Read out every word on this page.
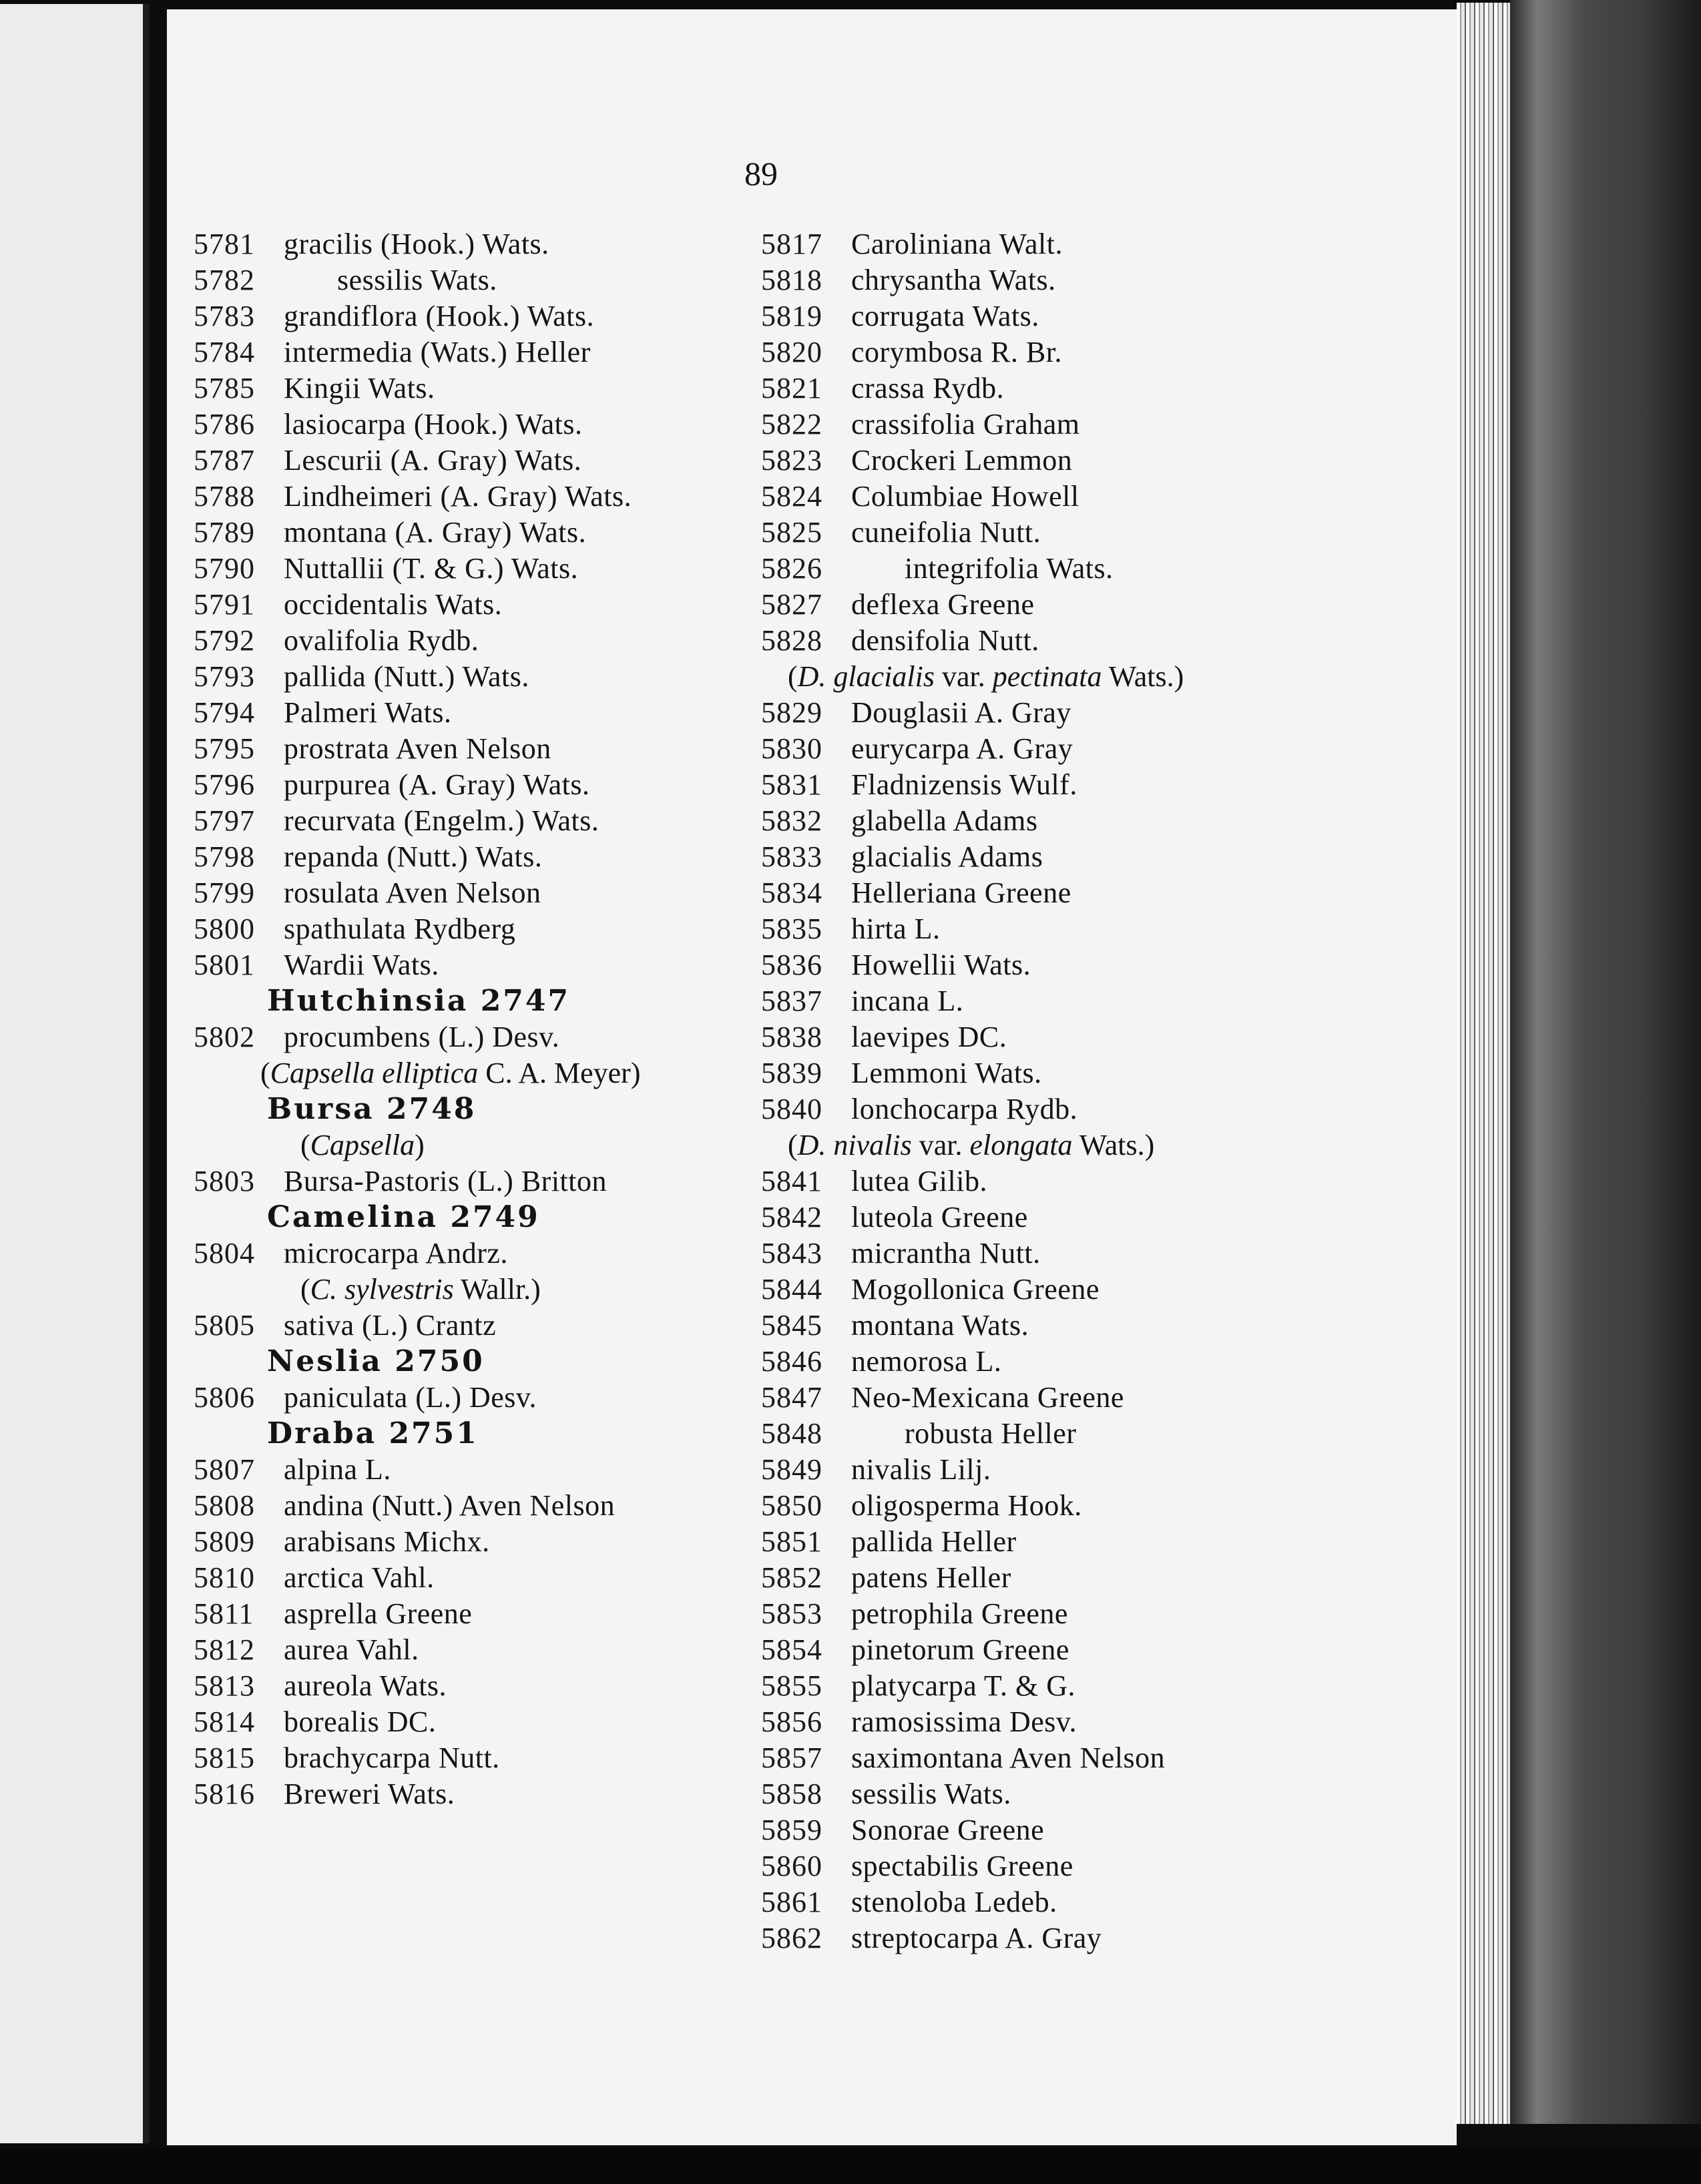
89
5781 gracilis (Hook.) Wats.
5782	sessilis Wats.
5783 grandiflora (Hook.) Wats.
5784 intermedia (Wats.) Heller
5785 Kingii Wats.
5786 lasiocarpa (Hook.) Wats.
5787 Lescurii (A. Gray) Wats.
5788 Lindheimeri (A. Gray) Wats.
5789 montana (A. Gray) Wats.
5790 Nuttallii (T. & G.) Wats.
5791 occidentalis Wats.
5792 ovalifolia Rydb.
5793 pallida (Nutt.) Wats.
5794 Palmeri Wats.
5795 prostrata Aven Nelson
5796 purpurea (A. Gray) Wats.
5797 recurvata (Engelm.) Wats.
5798 repanda (Nutt.) Wats.
5799 rosulata Aven Nelson
5800 spathulata Rydberg
5801 Wardii Wats.
Hutchinsia 2747
5802 procumbens (L.) Desv.
(Capsella elliptica C. A. Meyer)
Bursa 2748
(Capsella)
5803 Bursa-Pastoris (L.) Britton
Camelina 2749
5804 microcarpa Andrz.
(C. sylvestris Wallr.)
5805 sativa (L.) Crantz
Neslia 2750
5806 paniculata (L.) Desv.
Draba 2751
5807 alpina L.
5808 andina (Nutt.) Aven Nelson
5809 arabisans Michx.
5810 arctica Vahl.
5811	asprella Greene
5812 aurea Vahl.
5813 aureola Wats.
5814 borealis DC.
5815 brachycarpa Nutt.
5816 Breweri Wats.
5817 Caroliniana Walt.
5818 chrysantha Wats.
5819 corrugata Wats.
5820 corymbosa R. Br.
5821 crassa Rydb.
5822 crassifolia Graham
5823 Crockeri Lemmon
5824 Columbiae Howell
5825 cuneifolia Nutt.
5826	integrifolia Wats.
5827 deflexa Greene
5828 densifolia Nutt.
(D. glacialis var. pectinata Wats.)
5829 Douglasii A. Gray
5830 eurycarpa A. Gray
5831 Fladnizensis Wulf.
5832 glabella Adams
5833 glacialis Adams
5834 Helleriana Greene
5835 hirta L.
5836 Howellii Wats.
5837 incana L.
5838 laevipes DC.
5839 Lemmoni Wats.
5840 lonchocarpa Rydb.
(D. nivalis var. elongata Wats.)
5841 lutea Gilib.
5842 luteola Greene
5843 micrantha Nutt.
5844 Mogollonica Greene
5845 montana Wats.
5846 nemorosa L.
5847 Neo-Mexicana Greene
5848	robusta Heller
5849 nivalis Lilj.
5850 oligosperma Hook.
5851 pallida Heller
5852 patens Heller
5853 petrophila Greene
5854 pinetorum Greene
5855 platycarpa T. & G.
5856 ramosissima Desv.
5857 saximontana Aven Nelson
5858 sessilis Wats.
5859 Sonorae Greene
5860 spectabilis Greene
5861 stenoloba Ledeb.
5862 streptocarpa A. Gray
